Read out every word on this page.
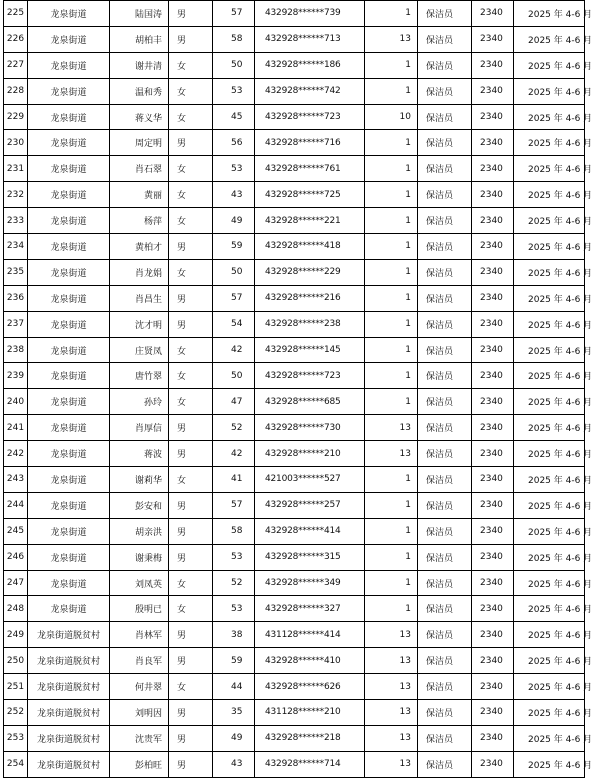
225	龙泉街道	陆国涛	男	57	432928******739	1	保洁员	2340	2025 年 4-6 月
226	龙泉街道	胡柏丰	男	58	432928******713	13	保洁员	2340	2025 年 4-6 月
227	龙泉街道	谢井清	女	50	432928******186	1	保洁员	2340	2025 年 4-6 月
228	龙泉街道	温和秀	女	53	432928******742	1	保洁员	2340	2025 年 4-6 月
229	龙泉街道	蒋义华	女	45	432928******723	10	保洁员	2340	2025 年 4-6 月
230	龙泉街道	周定明	男	56	432928******716	1	保洁员	2340	2025 年 4-6 月
231	龙泉街道	肖石翠	女	53	432928******761	1	保洁员	2340	2025 年 4-6 月
232	龙泉街道	黄丽	女	43	432928******725	1	保洁员	2340	2025 年 4-6 月
233	龙泉街道	杨萍	女	49	432928******221	1	保洁员	2340	2025 年 4-6 月
234	龙泉街道	黄柏才	男	59	432928******418	1	保洁员	2340	2025 年 4-6 月
235	龙泉街道	肖龙娟	女	50	432928******229	1	保洁员	2340	2025 年 4-6 月
236	龙泉街道	肖昌生	男	57	432928******216	1	保洁员	2340	2025 年 4-6 月
237	龙泉街道	沈才明	男	54	432928******238	1	保洁员	2340	2025 年 4-6 月
238	龙泉街道	庄贤凤	女	42	432928******145	1	保洁员	2340	2025 年 4-6 月
239	龙泉街道	唐竹翠	女	50	432928******723	1	保洁员	2340	2025 年 4-6 月
240	龙泉街道	孙玲	女	47	432928******685	1	保洁员	2340	2025 年 4-6 月
241	龙泉街道	肖厚信	男	52	432928******730	13	保洁员	2340	2025 年 4-6 月
242	龙泉街道	蒋波	男	42	432928******210	13	保洁员	2340	2025 年 4-6 月
243	龙泉街道	谢莉华	女	41	421003******527	1	保洁员	2340	2025 年 4-6 月
244	龙泉街道	彭安和	男	57	432928******257	1	保洁员	2340	2025 年 4-6 月
245	龙泉街道	胡亲洪	男	58	432928******414	1	保洁员	2340	2025 年 4-6 月
246	龙泉街道	谢秉梅	男	53	432928******315	1	保洁员	2340	2025 年 4-6 月
247	龙泉街道	刘凤英	女	52	432928******349	1	保洁员	2340	2025 年 4-6 月
248	龙泉街道	殷明已	女	53	432928******327	1	保洁员	2340	2025 年 4-6 月
249	龙泉街道脱贫村	肖林军	男	38	431128******414	13	保洁员	2340	2025 年 4-6 月
250	龙泉街道脱贫村	肖良军	男	59	432928******410	13	保洁员	2340	2025 年 4-6 月
251	龙泉街道脱贫村	何井翠	女	44	432928******626	13	保洁员	2340	2025 年 4-6 月
252	龙泉街道脱贫村	刘明因	男	35	431128******210	13	保洁员	2340	2025 年 4-6 月
253	龙泉街道脱贫村	沈贵军	男	49	432928******218	13	保洁员	2340	2025 年 4-6 月
254	龙泉街道脱贫村	彭柏旺	男	43	432928******714	13	保洁员	2340	2025 年 4-6 月
